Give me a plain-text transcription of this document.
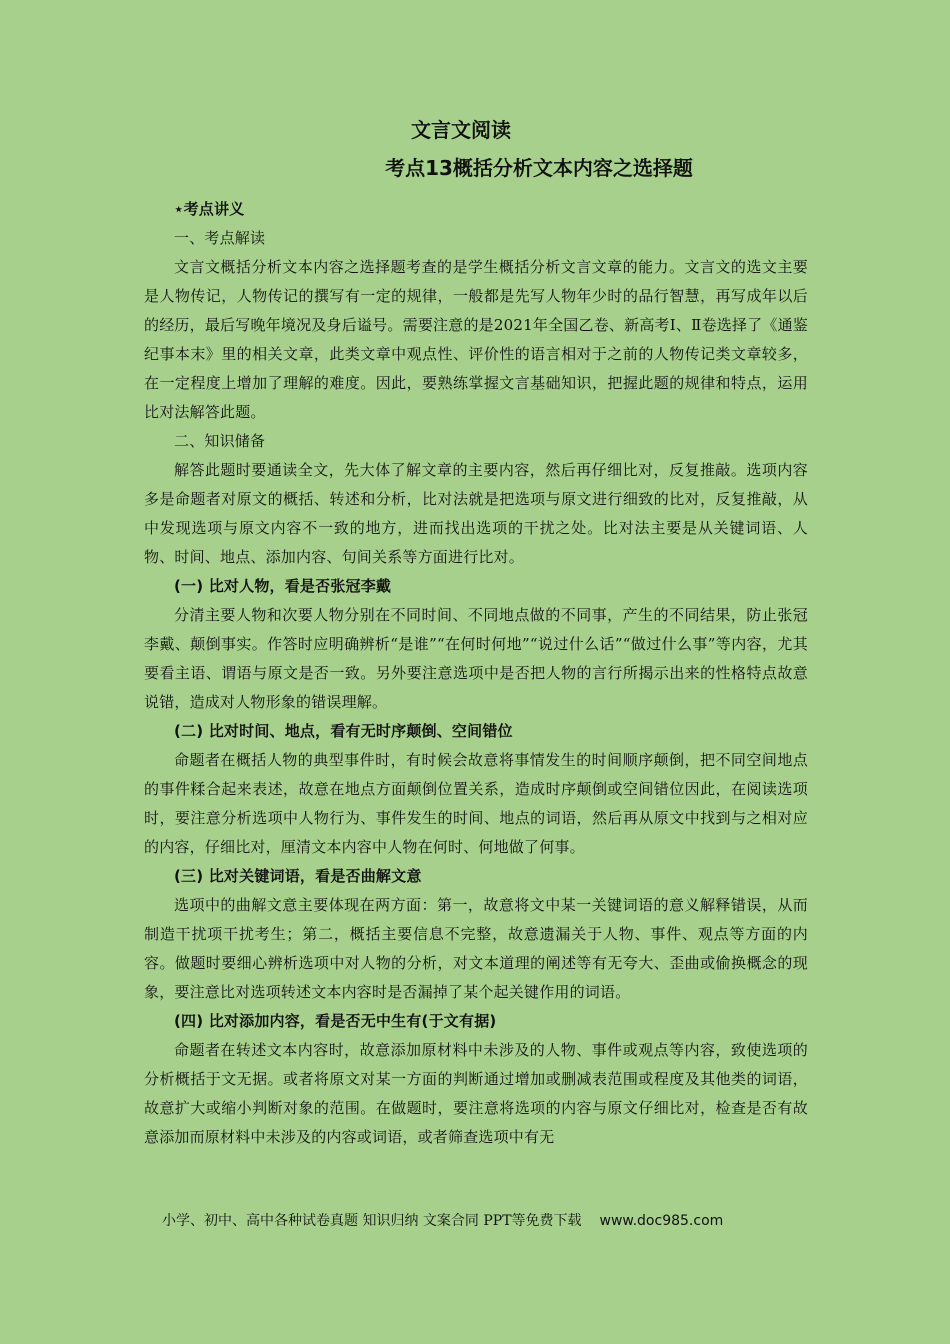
文言文阅读
考点13概括分析文本内容之选择题

⋆考点讲义

一、考点解读

文言文概括分析文本内容之选择题考查的是学生概括分析文言文章的能力。文言文的选文主要是人物传记，人物传记的撰写有一定的规律，一般都是先写人物年少时的品行智慧，再写成年以后的经历，最后写晚年境况及身后谥号。需要注意的是2021年全国乙卷、新高考Ⅰ、Ⅱ卷选择了《通鉴纪事本末》里的相关文章，此类文章中观点性、评价性的语言相对于之前的人物传记类文章较多，在一定程度上增加了理解的难度。因此，要熟练掌握文言基础知识，把握此题的规律和特点，运用比对法解答此题。

二、知识储备

解答此题时要通读全文，先大体了解文章的主要内容，然后再仔细比对，反复推敲。选项内容多是命题者对原文的概括、转述和分析，比对法就是把选项与原文进行细致的比对，反复推敲，从中发现选项与原文内容不一致的地方，进而找出选项的干扰之处。比对法主要是从关键词语、人物、时间、地点、添加内容、句间关系等方面进行比对。

(一) 比对人物，看是否张冠李戴

分清主要人物和次要人物分别在不同时间、不同地点做的不同事，产生的不同结果，防止张冠李戴、颠倒事实。作答时应明确辨析“是谁”“在何时何地”“说过什么话”“做过什么事”等内容，尤其要看主语、谓语与原文是否一致。另外要注意选项中是否把人物的言行所揭示出来的性格特点故意说错，造成对人物形象的错误理解。

(二) 比对时间、地点，看有无时序颠倒、空间错位

命题者在概括人物的典型事件时，有时候会故意将事情发生的时间顺序颠倒，把不同空间地点的事件糅合起来表述，故意在地点方面颠倒位置关系，造成时序颠倒或空间错位因此，在阅读选项时，要注意分析选项中人物行为、事件发生的时间、地点的词语，然后再从原文中找到与之相对应的内容，仔细比对，厘清文本内容中人物在何时、何地做了何事。

(三) 比对关键词语，看是否曲解文意

选项中的曲解文意主要体现在两方面：第一，故意将文中某一关键词语的意义解释错误，从而制造干扰项干扰考生；第二，概括主要信息不完整，故意遗漏关于人物、事件、观点等方面的内容。做题时要细心辨析选项中对人物的分析，对文本道理的阐述等有无夸大、歪曲或偷换概念的现象，要注意比对选项转述文本内容时是否漏掉了某个起关键作用的词语。

(四) 比对添加内容，看是否无中生有(于文有据)

命题者在转述文本内容时，故意添加原材料中未涉及的人物、事件或观点等内容，致使选项的分析概括于文无据。或者将原文对某一方面的判断通过增加或删减表范围或程度及其他类的词语，故意扩大或缩小判断对象的范围。在做题时，要注意将选项的内容与原文仔细比对，检查是否有故意添加而原材料中未涉及的内容或词语，或者筛查选项中有无

小学、初中、高中各种试卷真题 知识归纳 文案合同 PPT等免费下载 www.doc985.com
